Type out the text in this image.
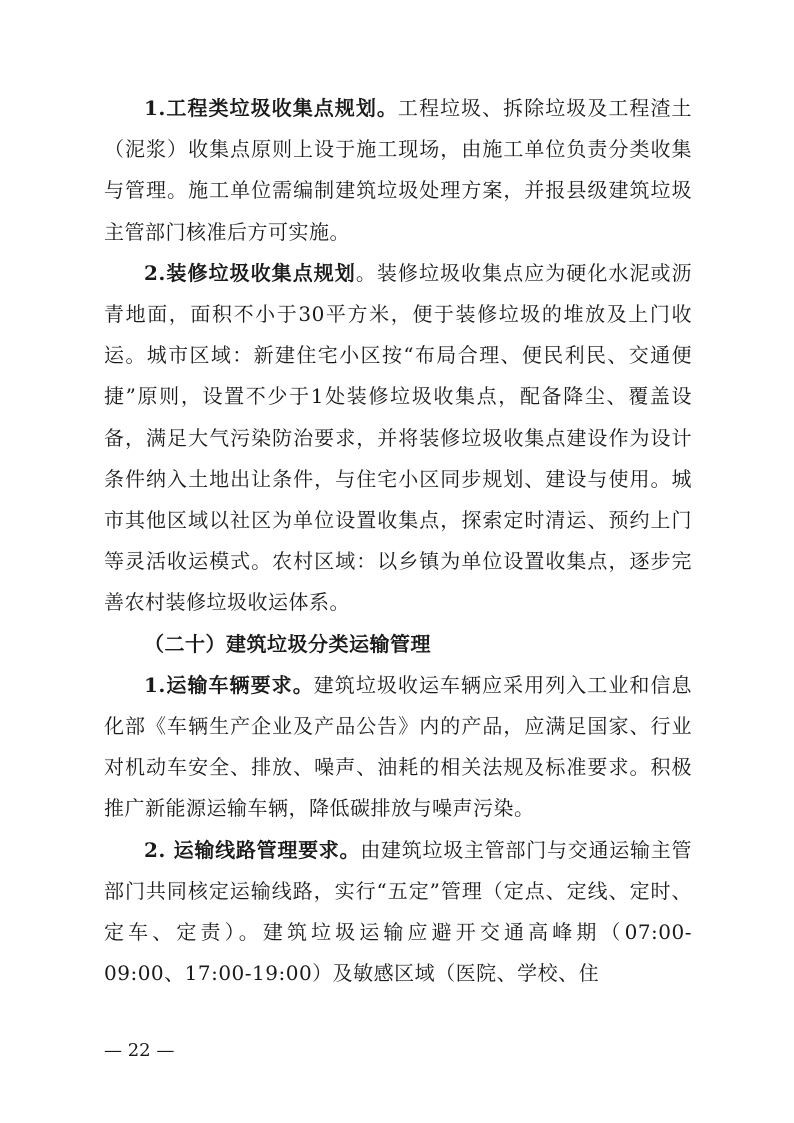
1.工程类垃圾收集点规划。工程垃圾、拆除垃圾及工程渣土（泥浆）收集点原则上设于施工现场，由施工单位负责分类收集与管理。施工单位需编制建筑垃圾处理方案，并报县级建筑垃圾主管部门核准后方可实施。

2.装修垃圾收集点规划。装修垃圾收集点应为硬化水泥或沥青地面，面积不小于30平方米，便于装修垃圾的堆放及上门收运。城市区域：新建住宅小区按“布局合理、便民利民、交通便捷”原则，设置不少于1处装修垃圾收集点，配备降尘、覆盖设备，满足大气污染防治要求，并将装修垃圾收集点建设作为设计条件纳入土地出让条件，与住宅小区同步规划、建设与使用。城市其他区域以社区为单位设置收集点，探索定时清运、预约上门等灵活收运模式。农村区域：以乡镇为单位设置收集点，逐步完善农村装修垃圾收运体系。

（二十）建筑垃圾分类运输管理

1.运输车辆要求。建筑垃圾收运车辆应采用列入工业和信息化部《车辆生产企业及产品公告》内的产品，应满足国家、行业对机动车安全、排放、噪声、油耗的相关法规及标准要求。积极推广新能源运输车辆，降低碳排放与噪声污染。

2. 运输线路管理要求。由建筑垃圾主管部门与交通运输主管部门共同核定运输线路，实行“五定”管理（定点、定线、定时、定车、定责）。建筑垃圾运输应避开交通高峰期（07:00-09:00、17:00-19:00）及敏感区域（医院、学校、住

— 22 —
